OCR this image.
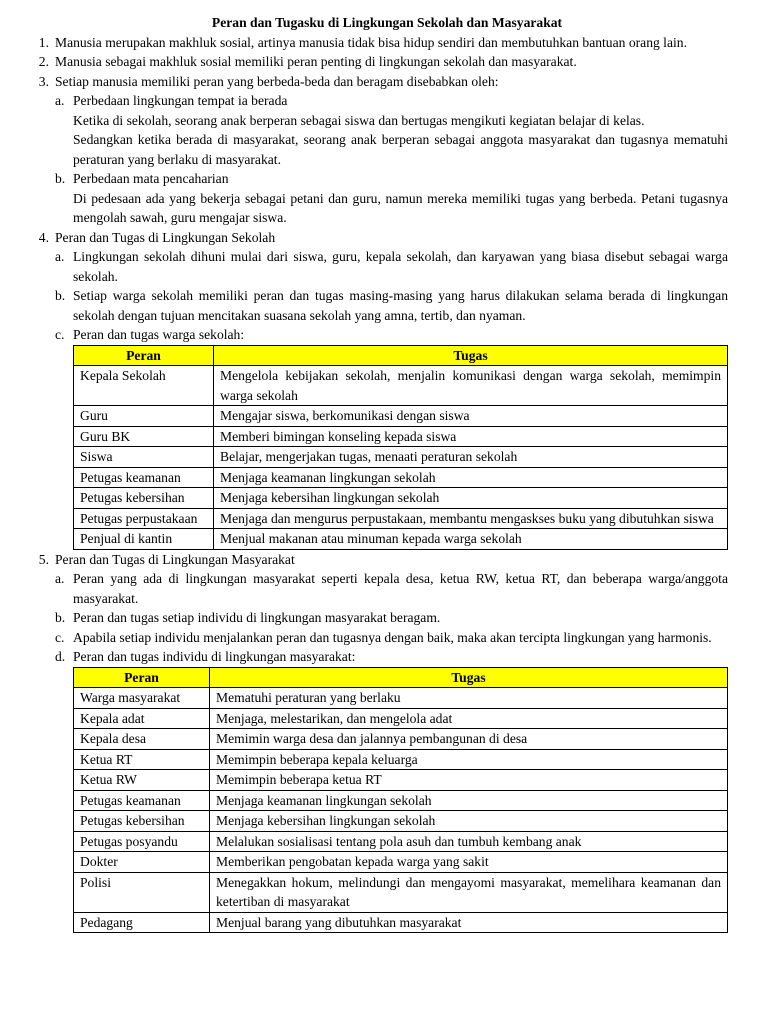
Peran dan Tugasku di Lingkungan Sekolah dan Masyarakat
1. Manusia merupakan makhluk sosial, artinya manusia tidak bisa hidup sendiri dan membutuhkan bantuan orang lain.
2. Manusia sebagai makhluk sosial memiliki peran penting di lingkungan sekolah dan masyarakat.
3. Setiap manusia memiliki peran yang berbeda-beda dan beragam disebabkan oleh:
a. Perbedaan lingkungan tempat ia berada
Ketika di sekolah, seorang anak berperan sebagai siswa dan bertugas mengikuti kegiatan belajar di kelas.
Sedangkan ketika berada di masyarakat, seorang anak berperan sebagai anggota masyarakat dan tugasnya mematuhi peraturan yang berlaku di masyarakat.
b. Perbedaan mata pencaharian
Di pedesaan ada yang bekerja sebagai petani dan guru, namun mereka memiliki tugas yang berbeda. Petani tugasnya mengolah sawah, guru mengajar siswa.
4. Peran dan Tugas di Lingkungan Sekolah
a. Lingkungan sekolah dihuni mulai dari siswa, guru, kepala sekolah, dan karyawan yang biasa disebut sebagai warga sekolah.
b. Setiap warga sekolah memiliki peran dan tugas masing-masing yang harus dilakukan selama berada di lingkungan sekolah dengan tujuan mencitakan suasana sekolah yang amna, tertib, dan nyaman.
c. Peran dan tugas warga sekolah:
Peran	Tugas
Kepala Sekolah	Mengelola kebijakan sekolah, menjalin komunikasi dengan warga sekolah, memimpin warga sekolah
Guru	Mengajar siswa, berkomunikasi dengan siswa
Guru BK	Memberi bimingan konseling kepada siswa
Siswa	Belajar, mengerjakan tugas, menaati peraturan sekolah
Petugas keamanan	Menjaga keamanan lingkungan sekolah
Petugas kebersihan	Menjaga kebersihan lingkungan sekolah
Petugas perpustakaan	Menjaga dan mengurus perpustakaan, membantu mengaskses buku yang dibutuhkan siswa
Penjual di kantin	Menjual makanan atau minuman kepada warga sekolah
5. Peran dan Tugas di Lingkungan Masyarakat
a. Peran yang ada di lingkungan masyarakat seperti kepala desa, ketua RW, ketua RT, dan beberapa warga/anggota masyarakat.
b. Peran dan tugas setiap individu di lingkungan masyarakat beragam.
c. Apabila setiap individu menjalankan peran dan tugasnya dengan baik, maka akan tercipta lingkungan yang harmonis.
d. Peran dan tugas individu di lingkungan masyarakat:
Peran	Tugas
Warga masyarakat	Mematuhi peraturan yang berlaku
Kepala adat	Menjaga, melestarikan, dan mengelola adat
Kepala desa	Memimin warga desa dan jalannya pembangunan di desa
Ketua RT	Memimpin beberapa kepala keluarga
Ketua RW	Memimpin beberapa ketua RT
Petugas keamanan	Menjaga keamanan lingkungan sekolah
Petugas kebersihan	Menjaga kebersihan lingkungan sekolah
Petugas posyandu	Melalukan sosialisasi tentang pola asuh dan tumbuh kembang anak
Dokter	Memberikan pengobatan kepada warga yang sakit
Polisi	Menegakkan hokum, melindungi dan mengayomi masyarakat, memelihara keamanan dan ketertiban di masyarakat
Pedagang	Menjual barang yang dibutuhkan masyarakat
